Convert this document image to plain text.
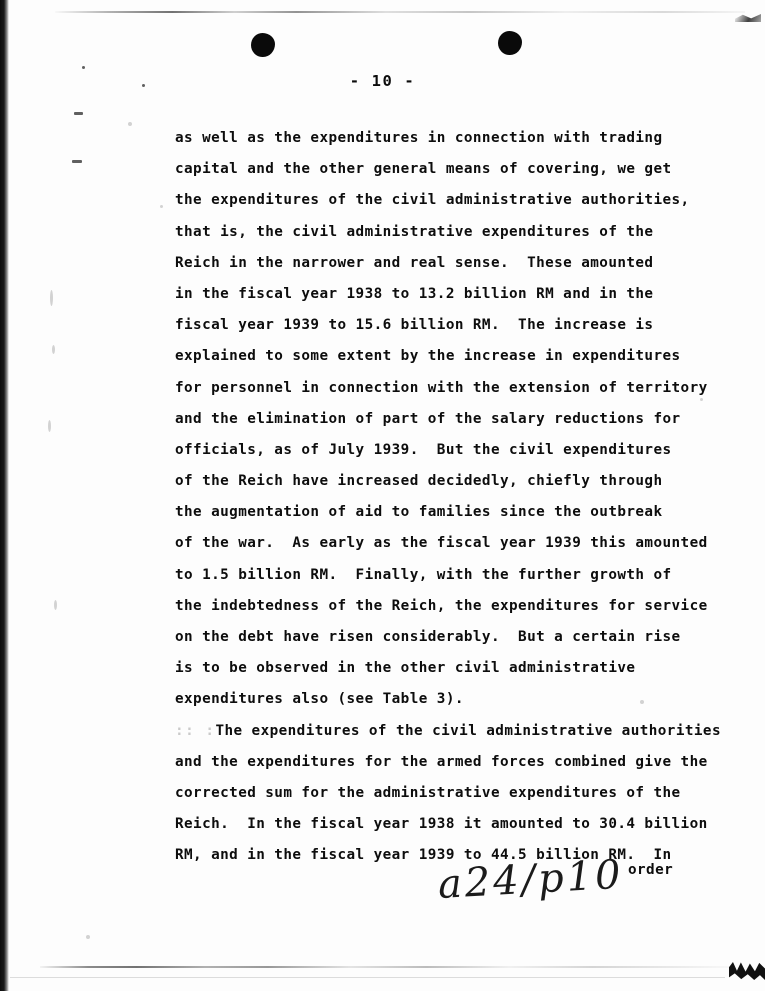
- 10 -
as well as the expenditures in connection with trading
capital and the other general means of covering, we get
the expenditures of the civil administrative authorities,
that is, the civil administrative expenditures of the
Reich in the narrower and real sense.  These amounted
in the fiscal year 1938 to 13.2 billion RM and in the
fiscal year 1939 to 15.6 billion RM.  The increase is
explained to some extent by the increase in expenditures
for personnel in connection with the extension of territory
and the elimination of part of the salary reductions for
officials, as of July 1939.  But the civil expenditures
of the Reich have increased decidedly, chiefly through
the augmentation of aid to families since the outbreak
of the war.  As early as the fiscal year 1939 this amounted
to 1.5 billion RM.  Finally, with the further growth of
the indebtedness of the Reich, the expenditures for service
on the debt have risen considerably.  But a certain rise
is to be observed in the other civil administrative
expenditures also (see Table 3).
:: : The expenditures of the civil administrative authorities
and the expenditures for the armed forces combined give the
corrected sum for the administrative expenditures of the
Reich.  In the fiscal year 1938 it amounted to 30.4 billion
RM, and in the fiscal year 1939 to 44.5 billion RM.  In
order
a24/p10
